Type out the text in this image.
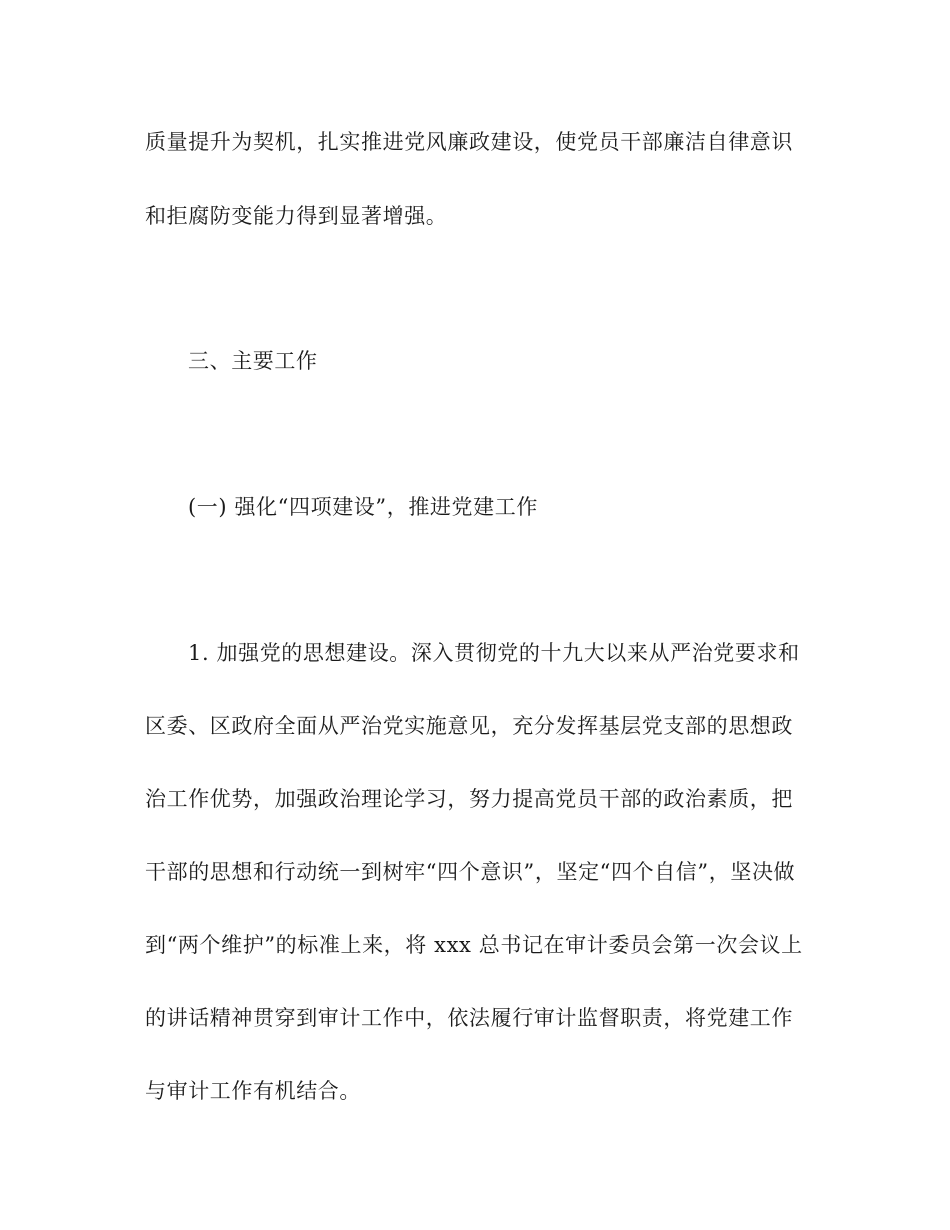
质量提升为契机，扎实推进党风廉政建设，使党员干部廉洁自律意识
和拒腐防变能力得到显著增强。
三、主要工作
(一) 强化“四项建设”，推进党建工作
1. 加强党的思想建设。深入贯彻党的十九大以来从严治党要求和
区委、区政府全面从严治党实施意见，充分发挥基层党支部的思想政
治工作优势，加强政治理论学习，努力提高党员干部的政治素质，把
干部的思想和行动统一到树牢“四个意识”，坚定“四个自信”，坚决做
到“两个维护”的标准上来，将 xxx 总书记在审计委员会第一次会议上
的讲话精神贯穿到审计工作中，依法履行审计监督职责，将党建工作
与审计工作有机结合。
